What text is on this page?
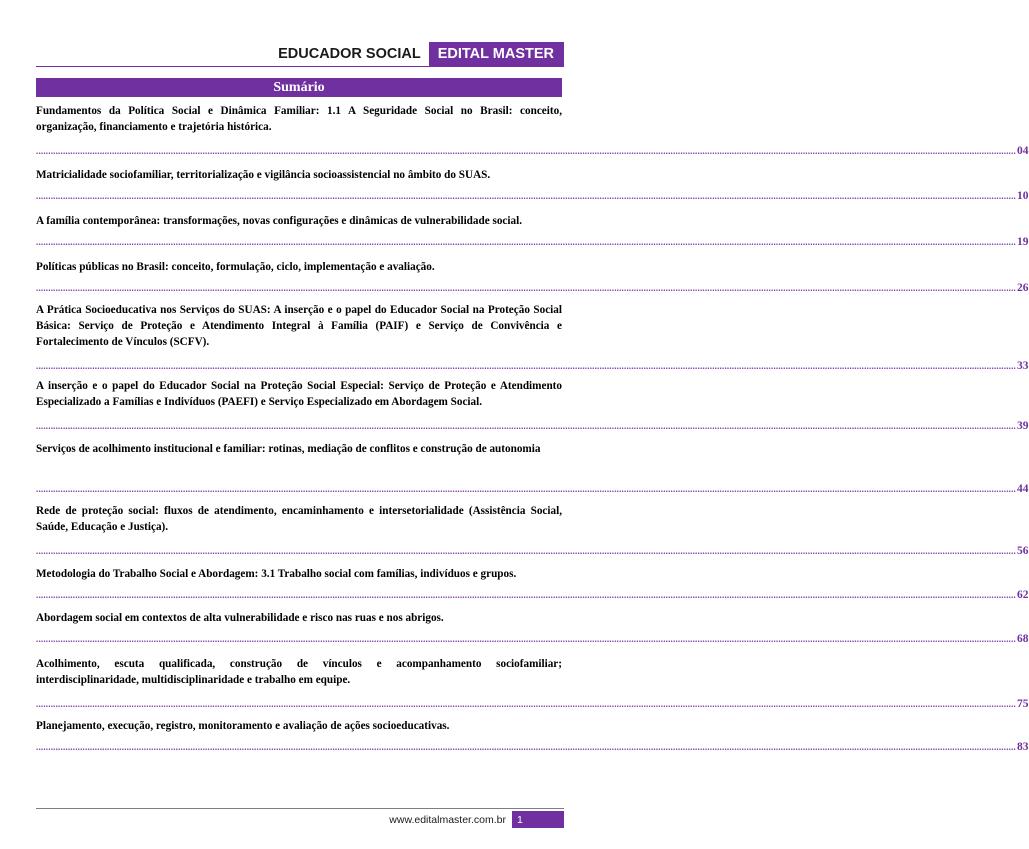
EDUCADOR SOCIAL	EDITAL MASTER
Sumário

Fundamentos da Política Social e Dinâmica Familiar: 1.1 A Seguridade Social no Brasil: conceito, organização, financiamento e trajetória histórica.

................................................................................................................................................................................................................................................................................................................................................................................................................ 04

Matricialidade sociofamiliar, territorialização e vigilância socioassistencial no âmbito do SUAS.

................................................................................................................................................................................................................................................................................................................................................................................................................ 10

A família contemporânea: transformações, novas configurações e dinâmicas de vulnerabilidade social.

................................................................................................................................................................................................................................................................................................................................................................................................................ 19

Políticas públicas no Brasil: conceito, formulação, ciclo, implementação e avaliação.

................................................................................................................................................................................................................................................................................................................................................................................................................ 26

A Prática Socioeducativa nos Serviços do SUAS: A inserção e o papel do Educador Social na Proteção Social Básica: Serviço de Proteção e Atendimento Integral à Família (PAIF) e Serviço de Convivência e Fortalecimento de Vínculos (SCFV).

................................................................................................................................................................................................................................................................................................................................................................................................................ 33

A inserção e o papel do Educador Social na Proteção Social Especial: Serviço de Proteção e Atendimento Especializado a Famílias e Indivíduos (PAEFI) e Serviço Especializado em Abordagem Social.

................................................................................................................................................................................................................................................................................................................................................................................................................ 39

Serviços de acolhimento institucional e familiar: rotinas, mediação de conflitos e construção de autonomia

................................................................................................................................................................................................................................................................................................................................................................................................................ 44

Rede de proteção social: fluxos de atendimento, encaminhamento e intersetorialidade (Assistência Social, Saúde, Educação e Justiça).

................................................................................................................................................................................................................................................................................................................................................................................................................ 56

Metodologia do Trabalho Social e Abordagem: 3.1 Trabalho social com famílias, indivíduos e grupos.

................................................................................................................................................................................................................................................................................................................................................................................................................ 62

Abordagem social em contextos de alta vulnerabilidade e risco nas ruas e nos abrigos.

................................................................................................................................................................................................................................................................................................................................................................................................................ 68

Acolhimento, escuta qualificada, construção de vínculos e acompanhamento sociofamiliar; interdisciplinaridade, multidisciplinaridade e trabalho em equipe.

................................................................................................................................................................................................................................................................................................................................................................................................................ 75

Planejamento, execução, registro, monitoramento e avaliação de ações socioeducativas.

................................................................................................................................................................................................................................................................................................................................................................................................................ 83
www.editalmaster.com.br	1
